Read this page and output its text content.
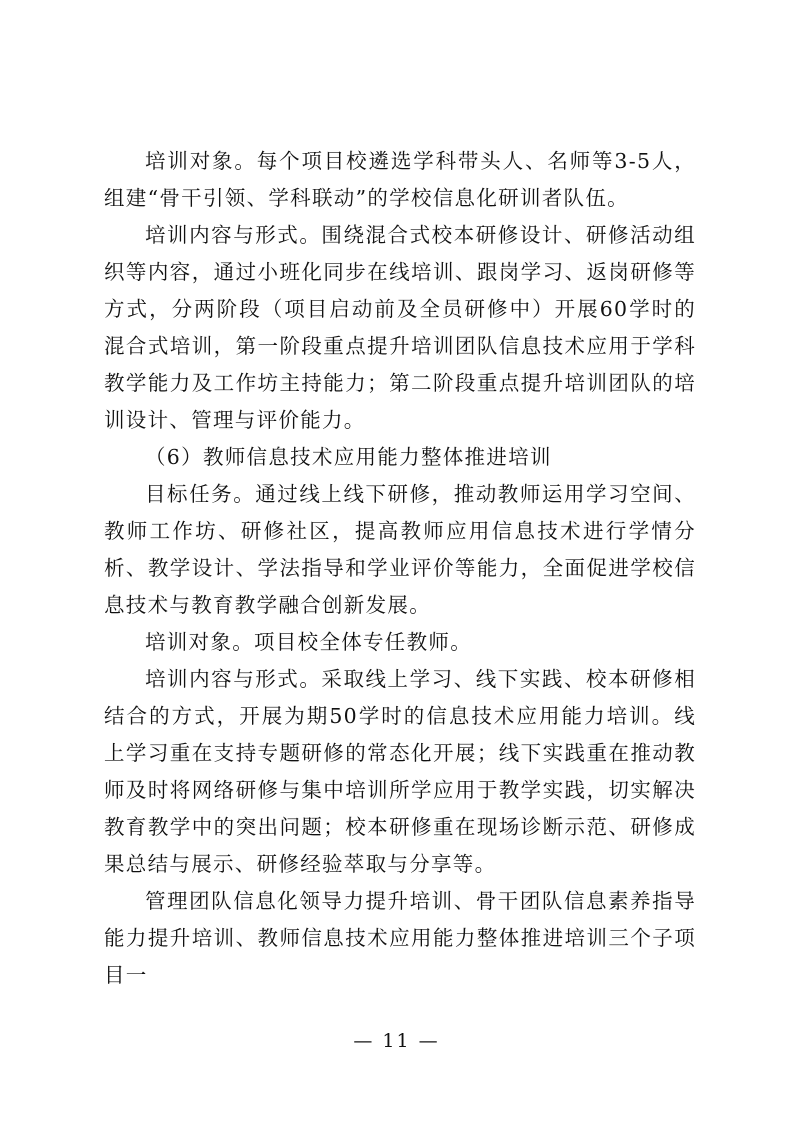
培训对象。每个项目校遴选学科带头人、名师等3-5人，组建“骨干引领、学科联动”的学校信息化研训者队伍。

培训内容与形式。围绕混合式校本研修设计、研修活动组织等内容，通过小班化同步在线培训、跟岗学习、返岗研修等方式，分两阶段（项目启动前及全员研修中）开展60学时的混合式培训，第一阶段重点提升培训团队信息技术应用于学科教学能力及工作坊主持能力；第二阶段重点提升培训团队的培训设计、管理与评价能力。

（6）教师信息技术应用能力整体推进培训

目标任务。通过线上线下研修，推动教师运用学习空间、教师工作坊、研修社区，提高教师应用信息技术进行学情分析、教学设计、学法指导和学业评价等能力，全面促进学校信息技术与教育教学融合创新发展。

培训对象。项目校全体专任教师。

培训内容与形式。采取线上学习、线下实践、校本研修相结合的方式，开展为期50学时的信息技术应用能力培训。线上学习重在支持专题研修的常态化开展；线下实践重在推动教师及时将网络研修与集中培训所学应用于教学实践，切实解决教育教学中的突出问题；校本研修重在现场诊断示范、研修成果总结与展示、研修经验萃取与分享等。

管理团队信息化领导力提升培训、骨干团队信息素养指导能力提升培训、教师信息技术应用能力整体推进培训三个子项目一

— 11 —
